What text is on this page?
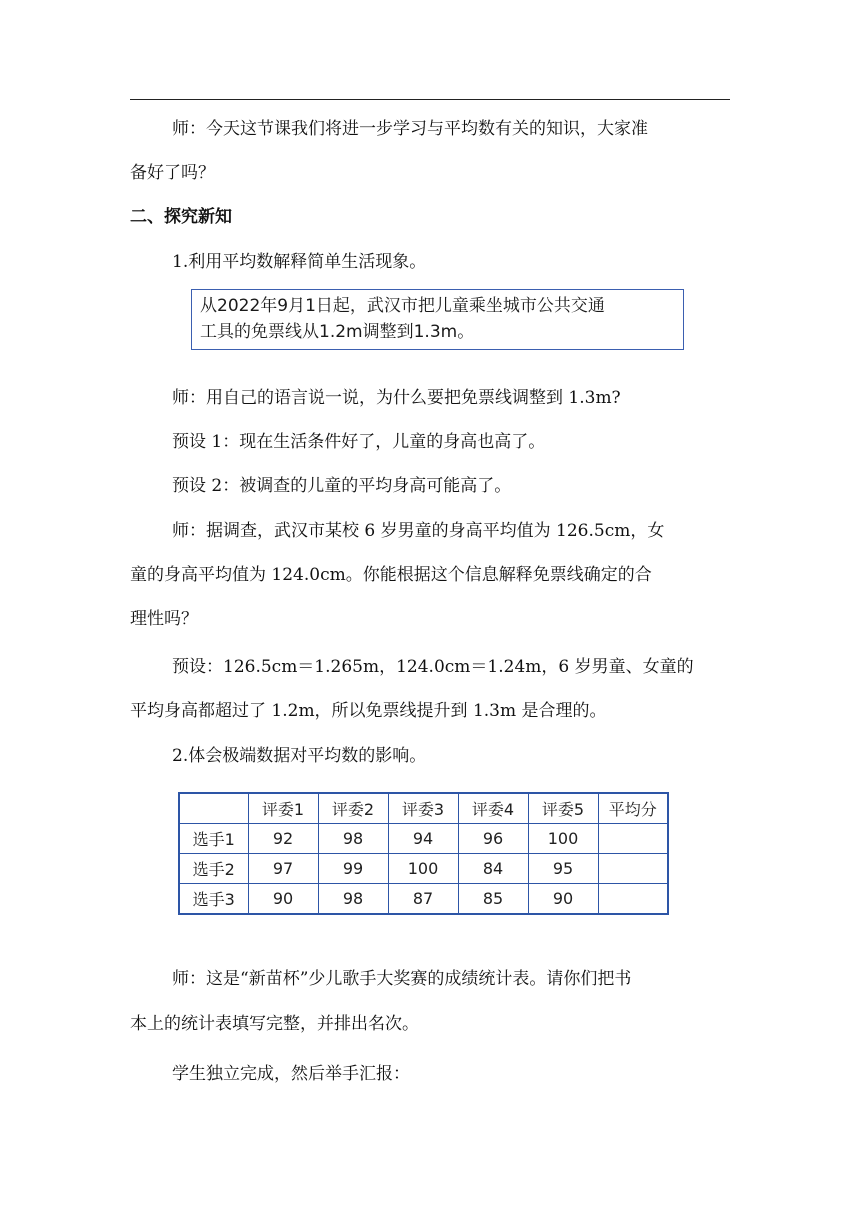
师：今天这节课我们将进一步学习与平均数有关的知识，大家准

备好了吗？

二、探究新知

1.利用平均数解释简单生活现象。

从2022年9月1日起，武汉市把儿童乘坐城市公共交通
工具的免票线从1.2m调整到1.3m。

师：用自己的语言说一说，为什么要把免票线调整到 1.3m?

预设 1：现在生活条件好了，儿童的身高也高了。

预设 2：被调查的儿童的平均身高可能高了。

师：据调查，武汉市某校 6 岁男童的身高平均值为 126.5cm，女

童的身高平均值为 124.0cm。你能根据这个信息解释免票线确定的合

理性吗？

预设：126.5cm＝1.265m，124.0cm＝1.24m，6 岁男童、女童的

平均身高都超过了 1.2m，所以免票线提升到 1.3m 是合理的。

2.体会极端数据对平均数的影响。

	评委1	评委2	评委3	评委4	评委5	平均分
选手1	92	98	94	96	100	
选手2	97	99	100	84	95	
选手3	90	98	87	85	90	

师：这是“新苗杯”少儿歌手大奖赛的成绩统计表。请你们把书

本上的统计表填写完整，并排出名次。

学生独立完成，然后举手汇报：
